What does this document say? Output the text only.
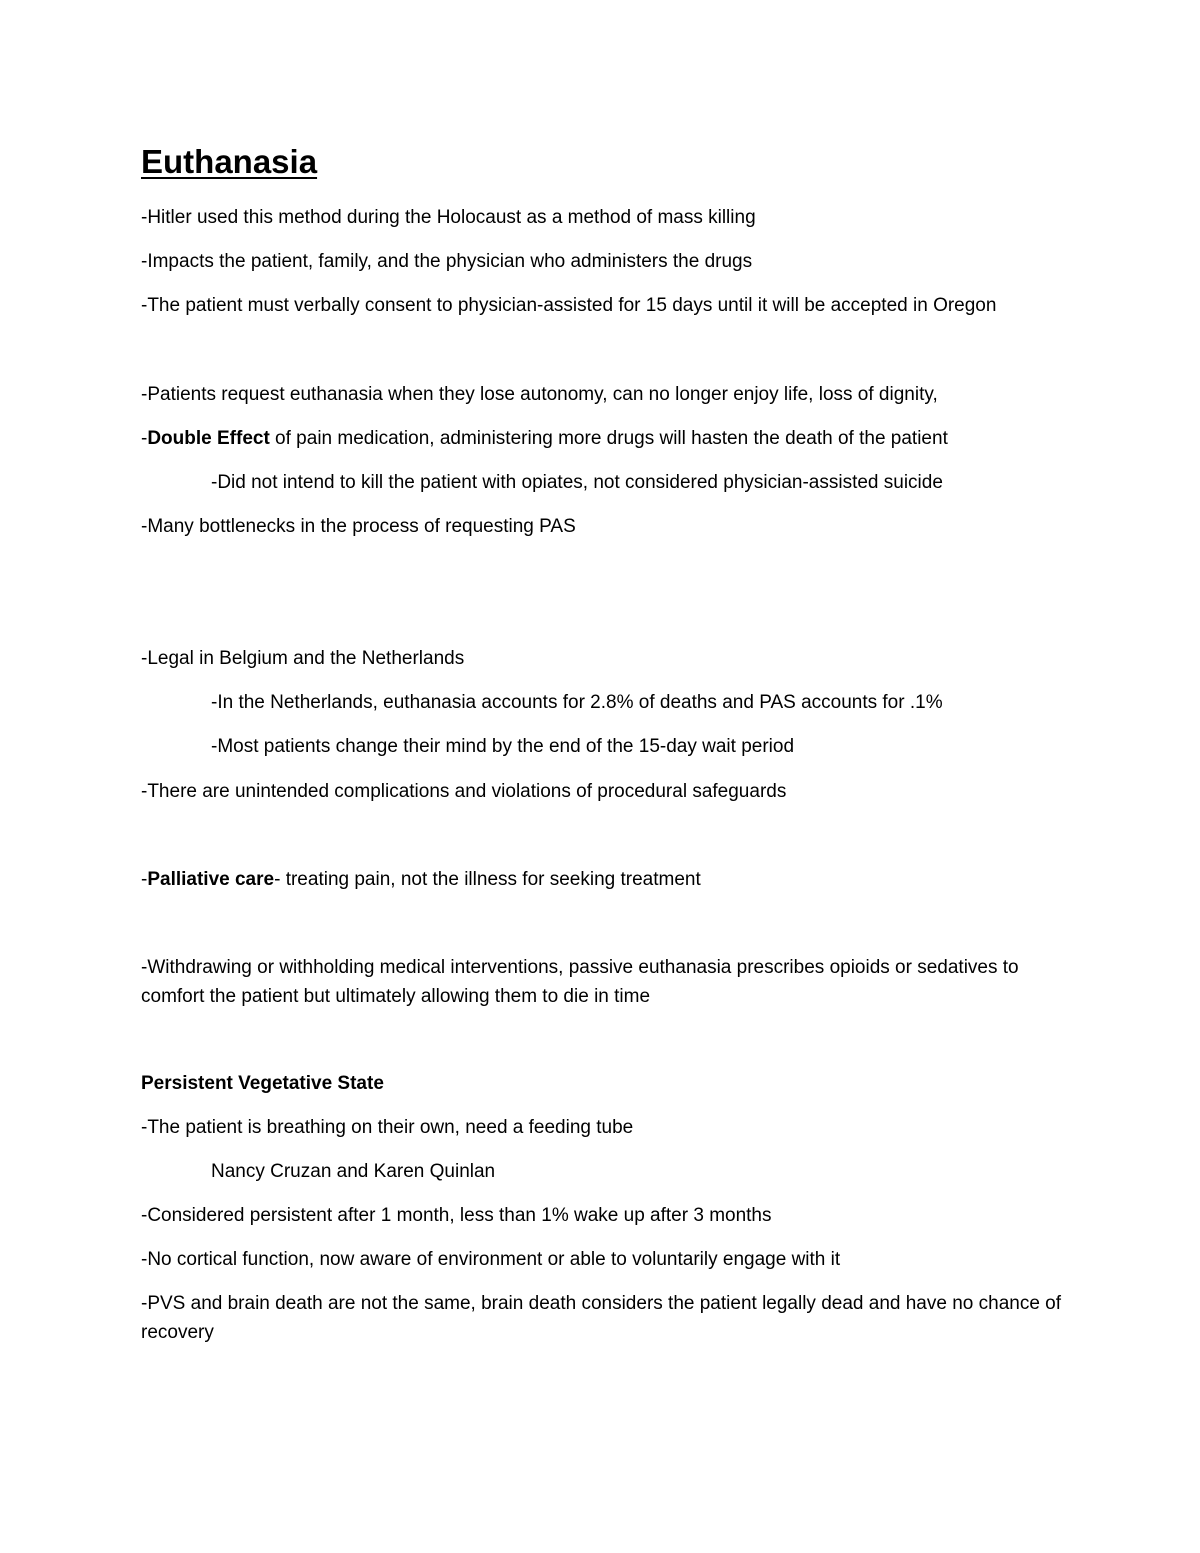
Euthanasia

-Hitler used this method during the Holocaust as a method of mass killing

-Impacts the patient, family, and the physician who administers the drugs

-The patient must verbally consent to physician-assisted for 15 days until it will be accepted in Oregon

-Patients request euthanasia when they lose autonomy, can no longer enjoy life, loss of dignity,

-Double Effect of pain medication, administering more drugs will hasten the death of the patient

-Did not intend to kill the patient with opiates, not considered physician-assisted suicide

-Many bottlenecks in the process of requesting PAS

-Legal in Belgium and the Netherlands

-In the Netherlands, euthanasia accounts for 2.8% of deaths and PAS accounts for .1%

-Most patients change their mind by the end of the 15-day wait period

-There are unintended complications and violations of procedural safeguards

-Palliative care- treating pain, not the illness for seeking treatment

-Withdrawing or withholding medical interventions, passive euthanasia prescribes opioids or sedatives to comfort the patient but ultimately allowing them to die in time

Persistent Vegetative State

-The patient is breathing on their own, need a feeding tube

Nancy Cruzan and Karen Quinlan

-Considered persistent after 1 month, less than 1% wake up after 3 months

-No cortical function, now aware of environment or able to voluntarily engage with it

-PVS and brain death are not the same, brain death considers the patient legally dead and have no chance of recovery
